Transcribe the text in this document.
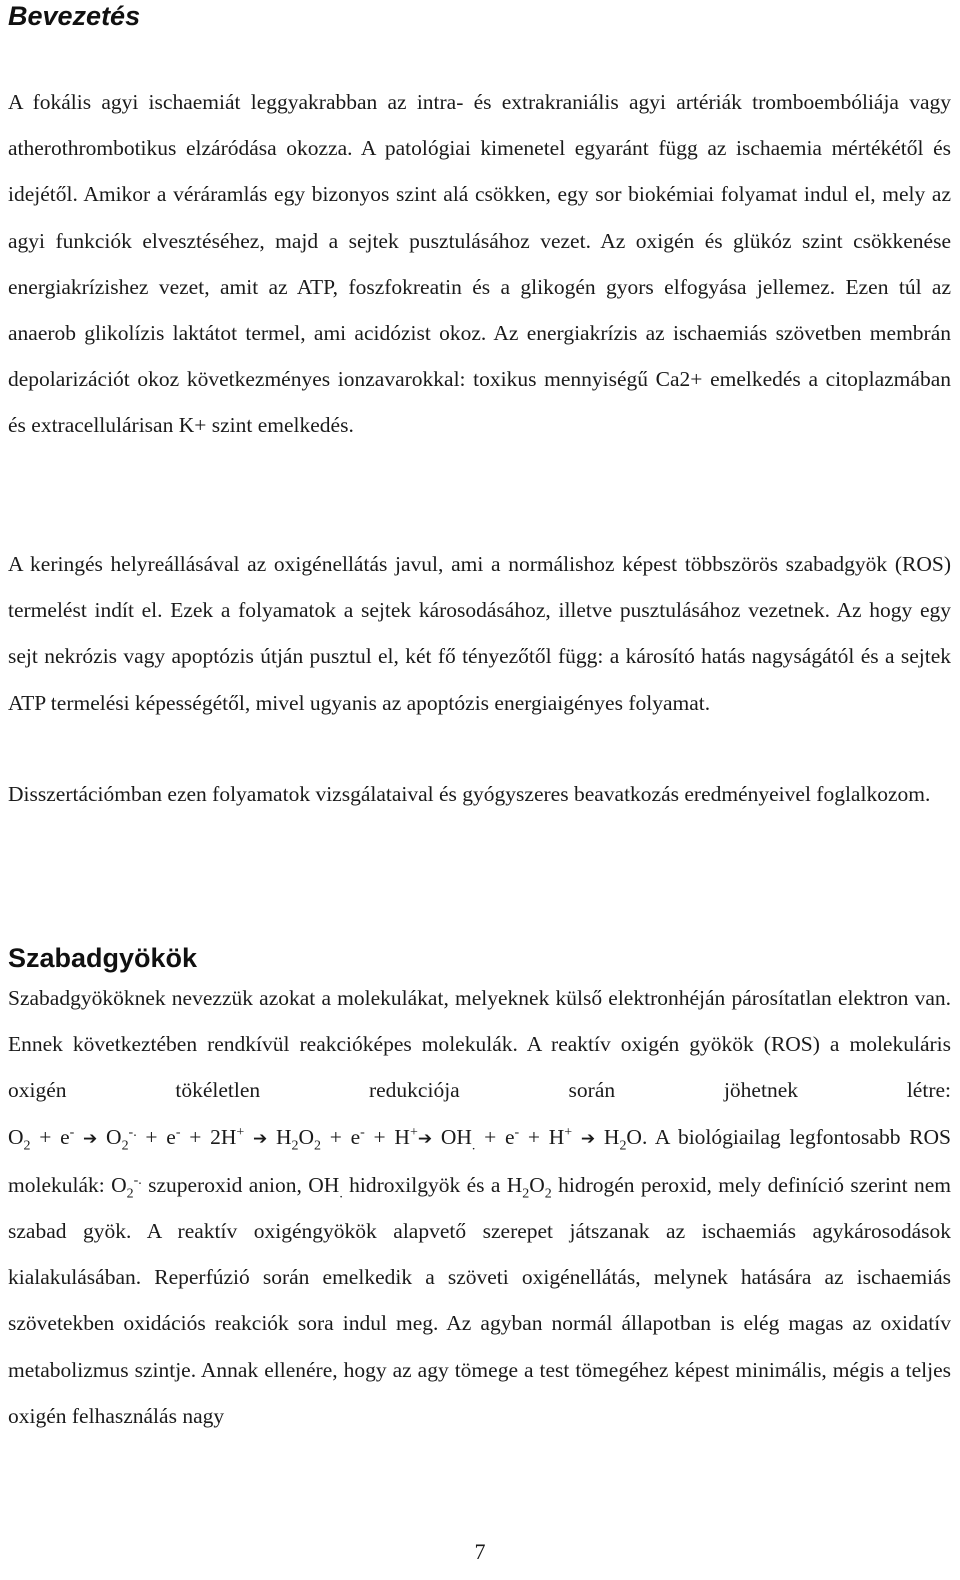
Bevezetés

A fokális agyi ischaemiát leggyakrabban az intra- és extrakraniális agyi artériák tromboembóliája vagy atherothrombotikus elzáródása okozza. A patológiai kimenetel egyaránt függ az ischaemia mértékétől és idejétől. Amikor a véráramlás egy bizonyos szint alá csökken, egy sor biokémiai folyamat indul el, mely az agyi funkciók elvesztéséhez, majd a sejtek pusztulásához vezet. Az oxigén és glükóz szint csökkenése energiakrízishez vezet, amit az ATP, foszfokreatin és a glikogén gyors elfogyása jellemez. Ezen túl az anaerob glikolízis laktátot termel, ami acidózist okoz. Az energiakrízis az ischaemiás szövetben membrán depolarizációt okoz következményes ionzavarokkal: toxikus mennyiségű Ca2+ emelkedés a citoplazmában és extracellulárisan K+ szint emelkedés.

A keringés helyreállásával az oxigénellátás javul, ami a normálishoz képest többszörös szabadgyök (ROS) termelést indít el. Ezek a folyamatok a sejtek károsodásához, illetve pusztulásához vezetnek. Az hogy egy sejt nekrózis vagy apoptózis útján pusztul el, két fő tényezőtől függ: a károsító hatás nagyságától és a sejtek ATP termelési képességétől, mivel ugyanis az apoptózis energiaigényes folyamat.

Disszertációmban ezen folyamatok vizsgálataival és gyógyszeres beavatkozás eredményeivel foglalkozom.

Szabadgyökök

Szabadgyököknek nevezzük azokat a molekulákat, melyeknek külső elektronhéján párosítatlan elektron van. Ennek következtében rendkívül reakcióképes molekulák. A reaktív oxigén gyökök (ROS) a molekuláris oxigén tökéletlen redukciója során jöhetnek létre: $O_2 + e^-$ ➔ $O_2^{-.} + e^- + 2H^+$ ➔ $H_2O_2 + e^-$ + H+➔ $OH_. + e^- + H^+$ ➔ $H_2O$. A biológiailag legfontosabb ROS molekulák: $O_2^{-.}$ szuperoxid anion, $OH_.$ hidroxilgyök és a $H_2O_2$ hidrogén peroxid, mely definíció szerint nem szabad gyök. A reaktív oxigéngyökök alapvető szerepet játszanak az ischaemiás agykárosodások kialakulásában. Reperfúzió során emelkedik a szöveti oxigénellátás, melynek hatására az ischaemiás szövetekben oxidációs reakciók sora indul meg. Az agyban normál állapotban is elég magas az oxidatív metabolizmus szintje. Annak ellenére, hogy az agy tömege a test tömegéhez képest minimális, mégis a teljes oxigén felhasználás nagy

7
